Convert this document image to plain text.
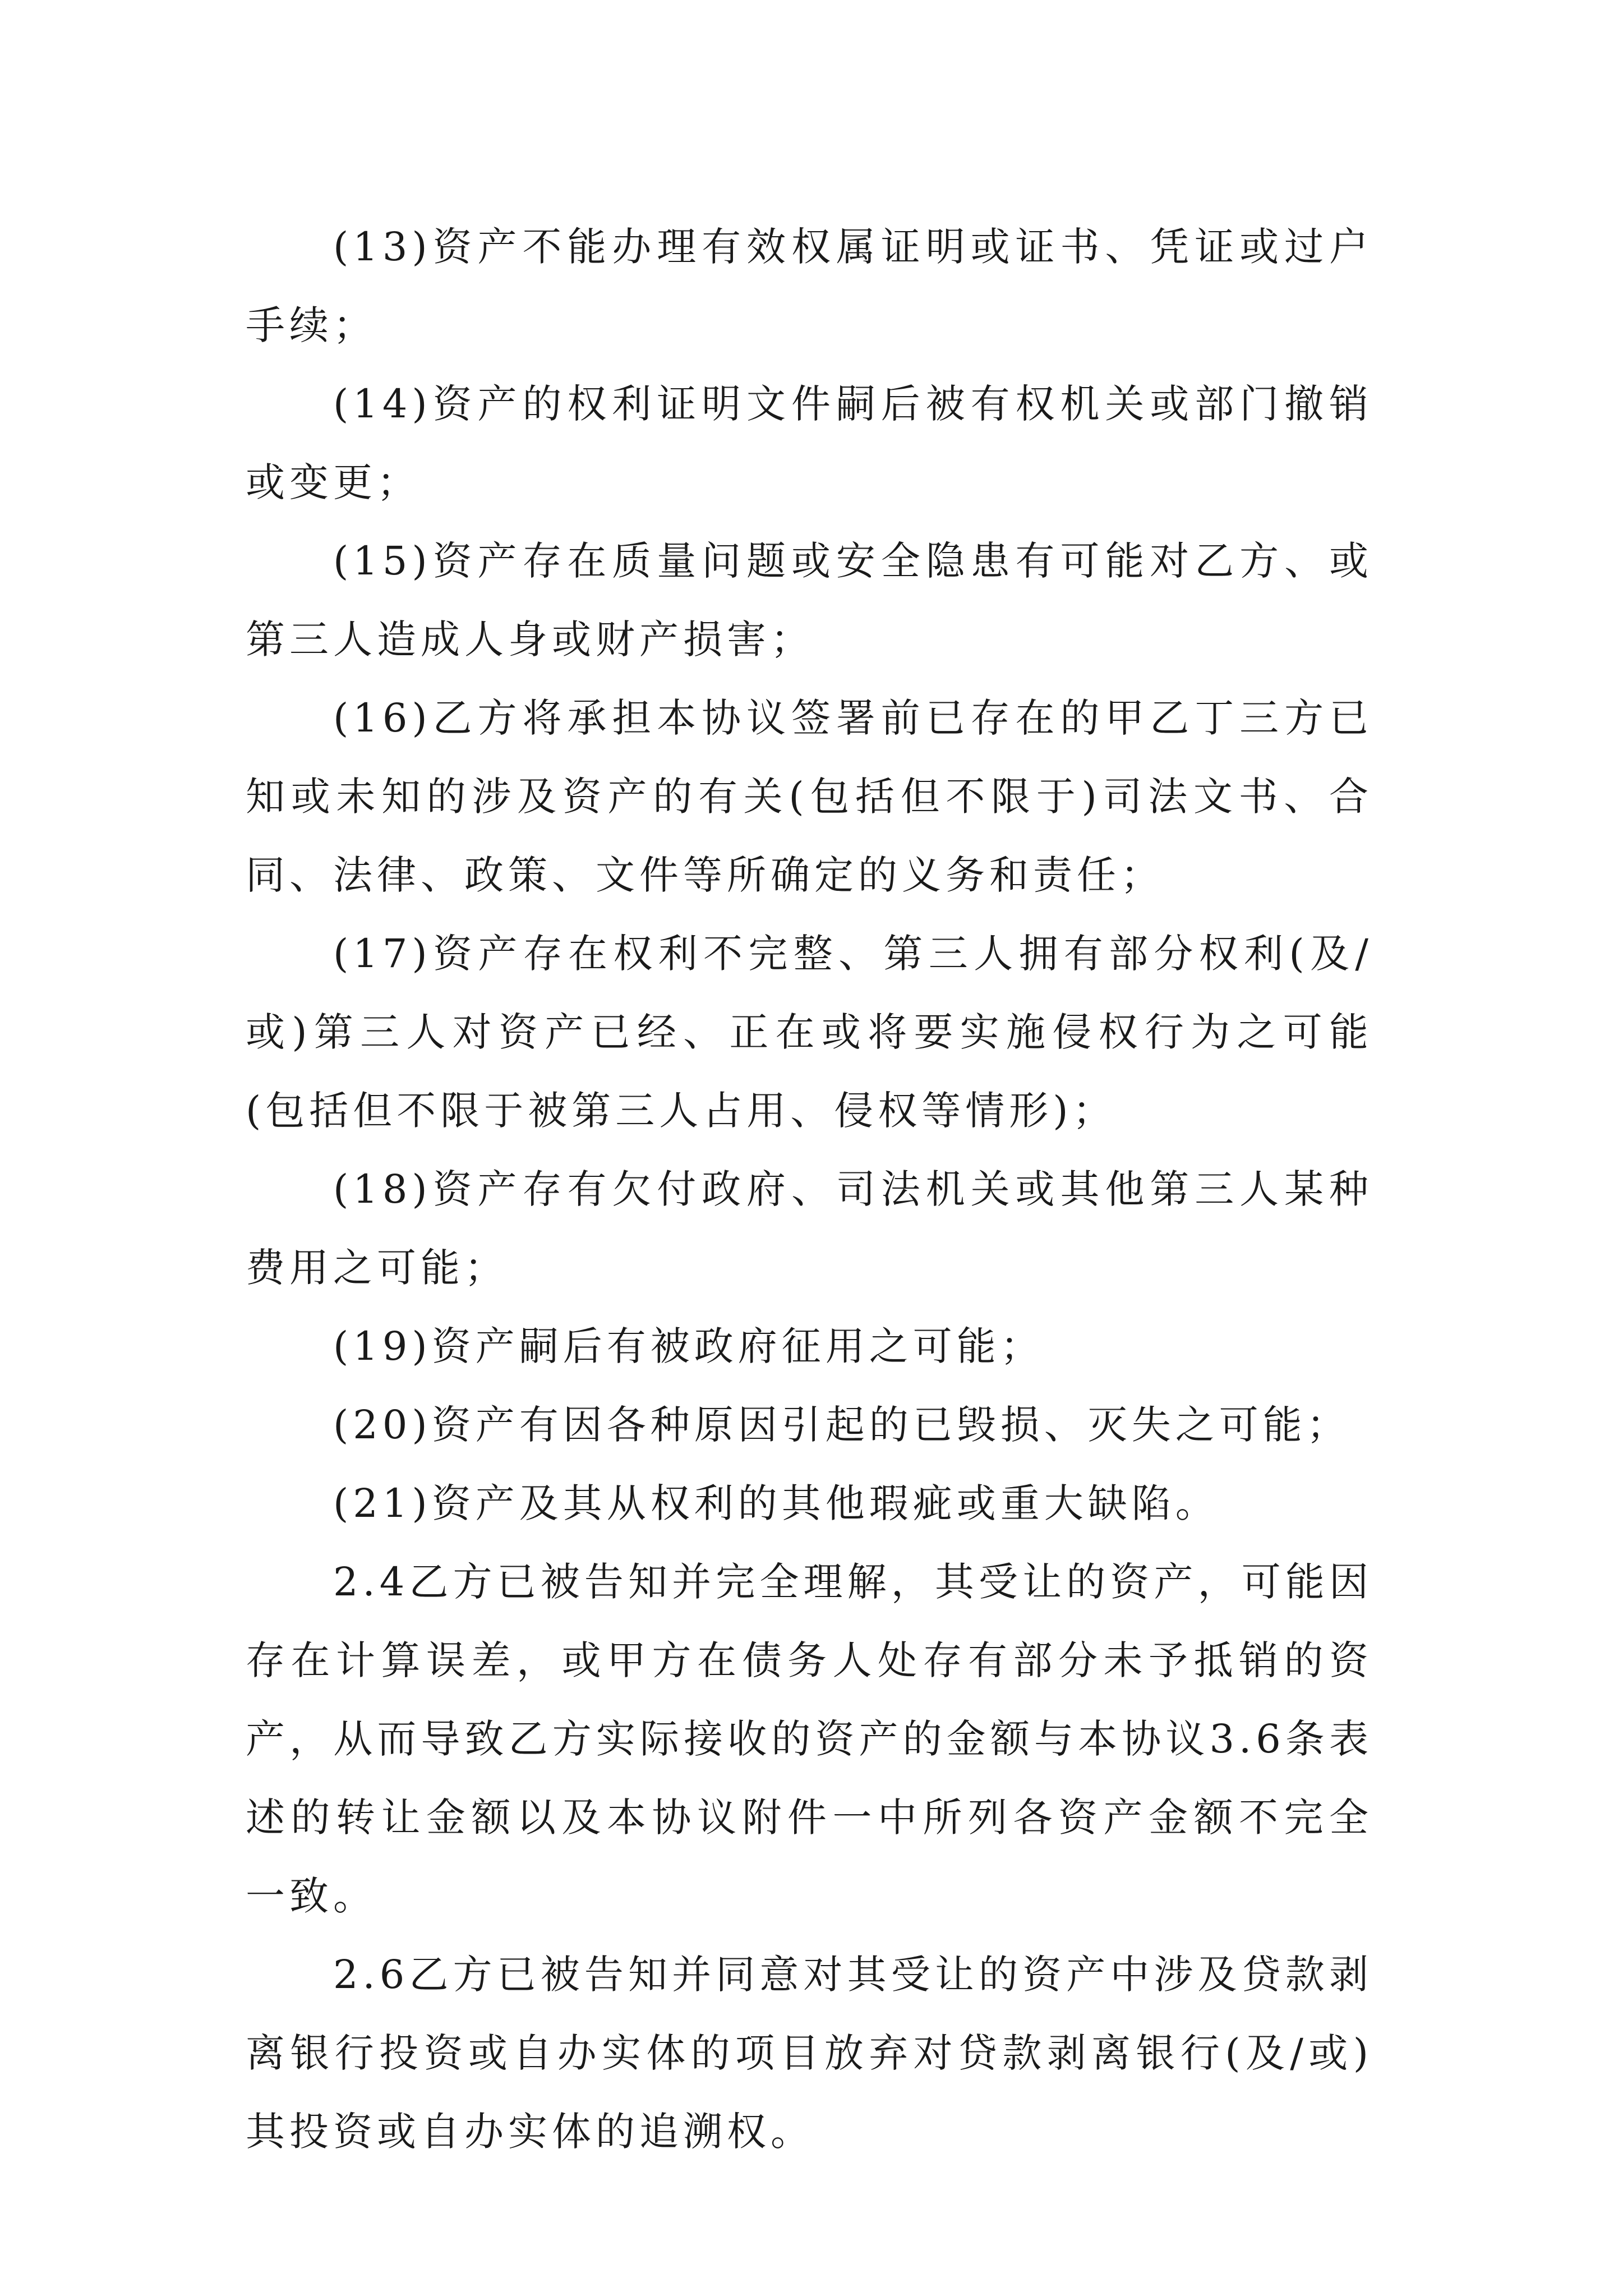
(13)资产不能办理有效权属证明或证书、凭证或过户手续；

(14)资产的权利证明文件嗣后被有权机关或部门撤销或变更；

(15)资产存在质量问题或安全隐患有可能对乙方、或第三人造成人身或财产损害；

(16)乙方将承担本协议签署前已存在的甲乙丁三方已知或未知的涉及资产的有关(包括但不限于)司法文书、合同、法律、政策、文件等所确定的义务和责任；

(17)资产存在权利不完整、第三人拥有部分权利(及/或)第三人对资产已经、正在或将要实施侵权行为之可能(包括但不限于被第三人占用、侵权等情形)；

(18)资产存有欠付政府、司法机关或其他第三人某种费用之可能；

(19)资产嗣后有被政府征用之可能；

(20)资产有因各种原因引起的已毁损、灭失之可能；

(21)资产及其从权利的其他瑕疵或重大缺陷。

2.4乙方已被告知并完全理解，其受让的资产，可能因存在计算误差，或甲方在债务人处存有部分未予抵销的资产，从而导致乙方实际接收的资产的金额与本协议3.6条表述的转让金额以及本协议附件一中所列各资产金额不完全一致。

2.6乙方已被告知并同意对其受让的资产中涉及贷款剥离银行投资或自办实体的项目放弃对贷款剥离银行(及/或)其投资或自办实体的追溯权。
